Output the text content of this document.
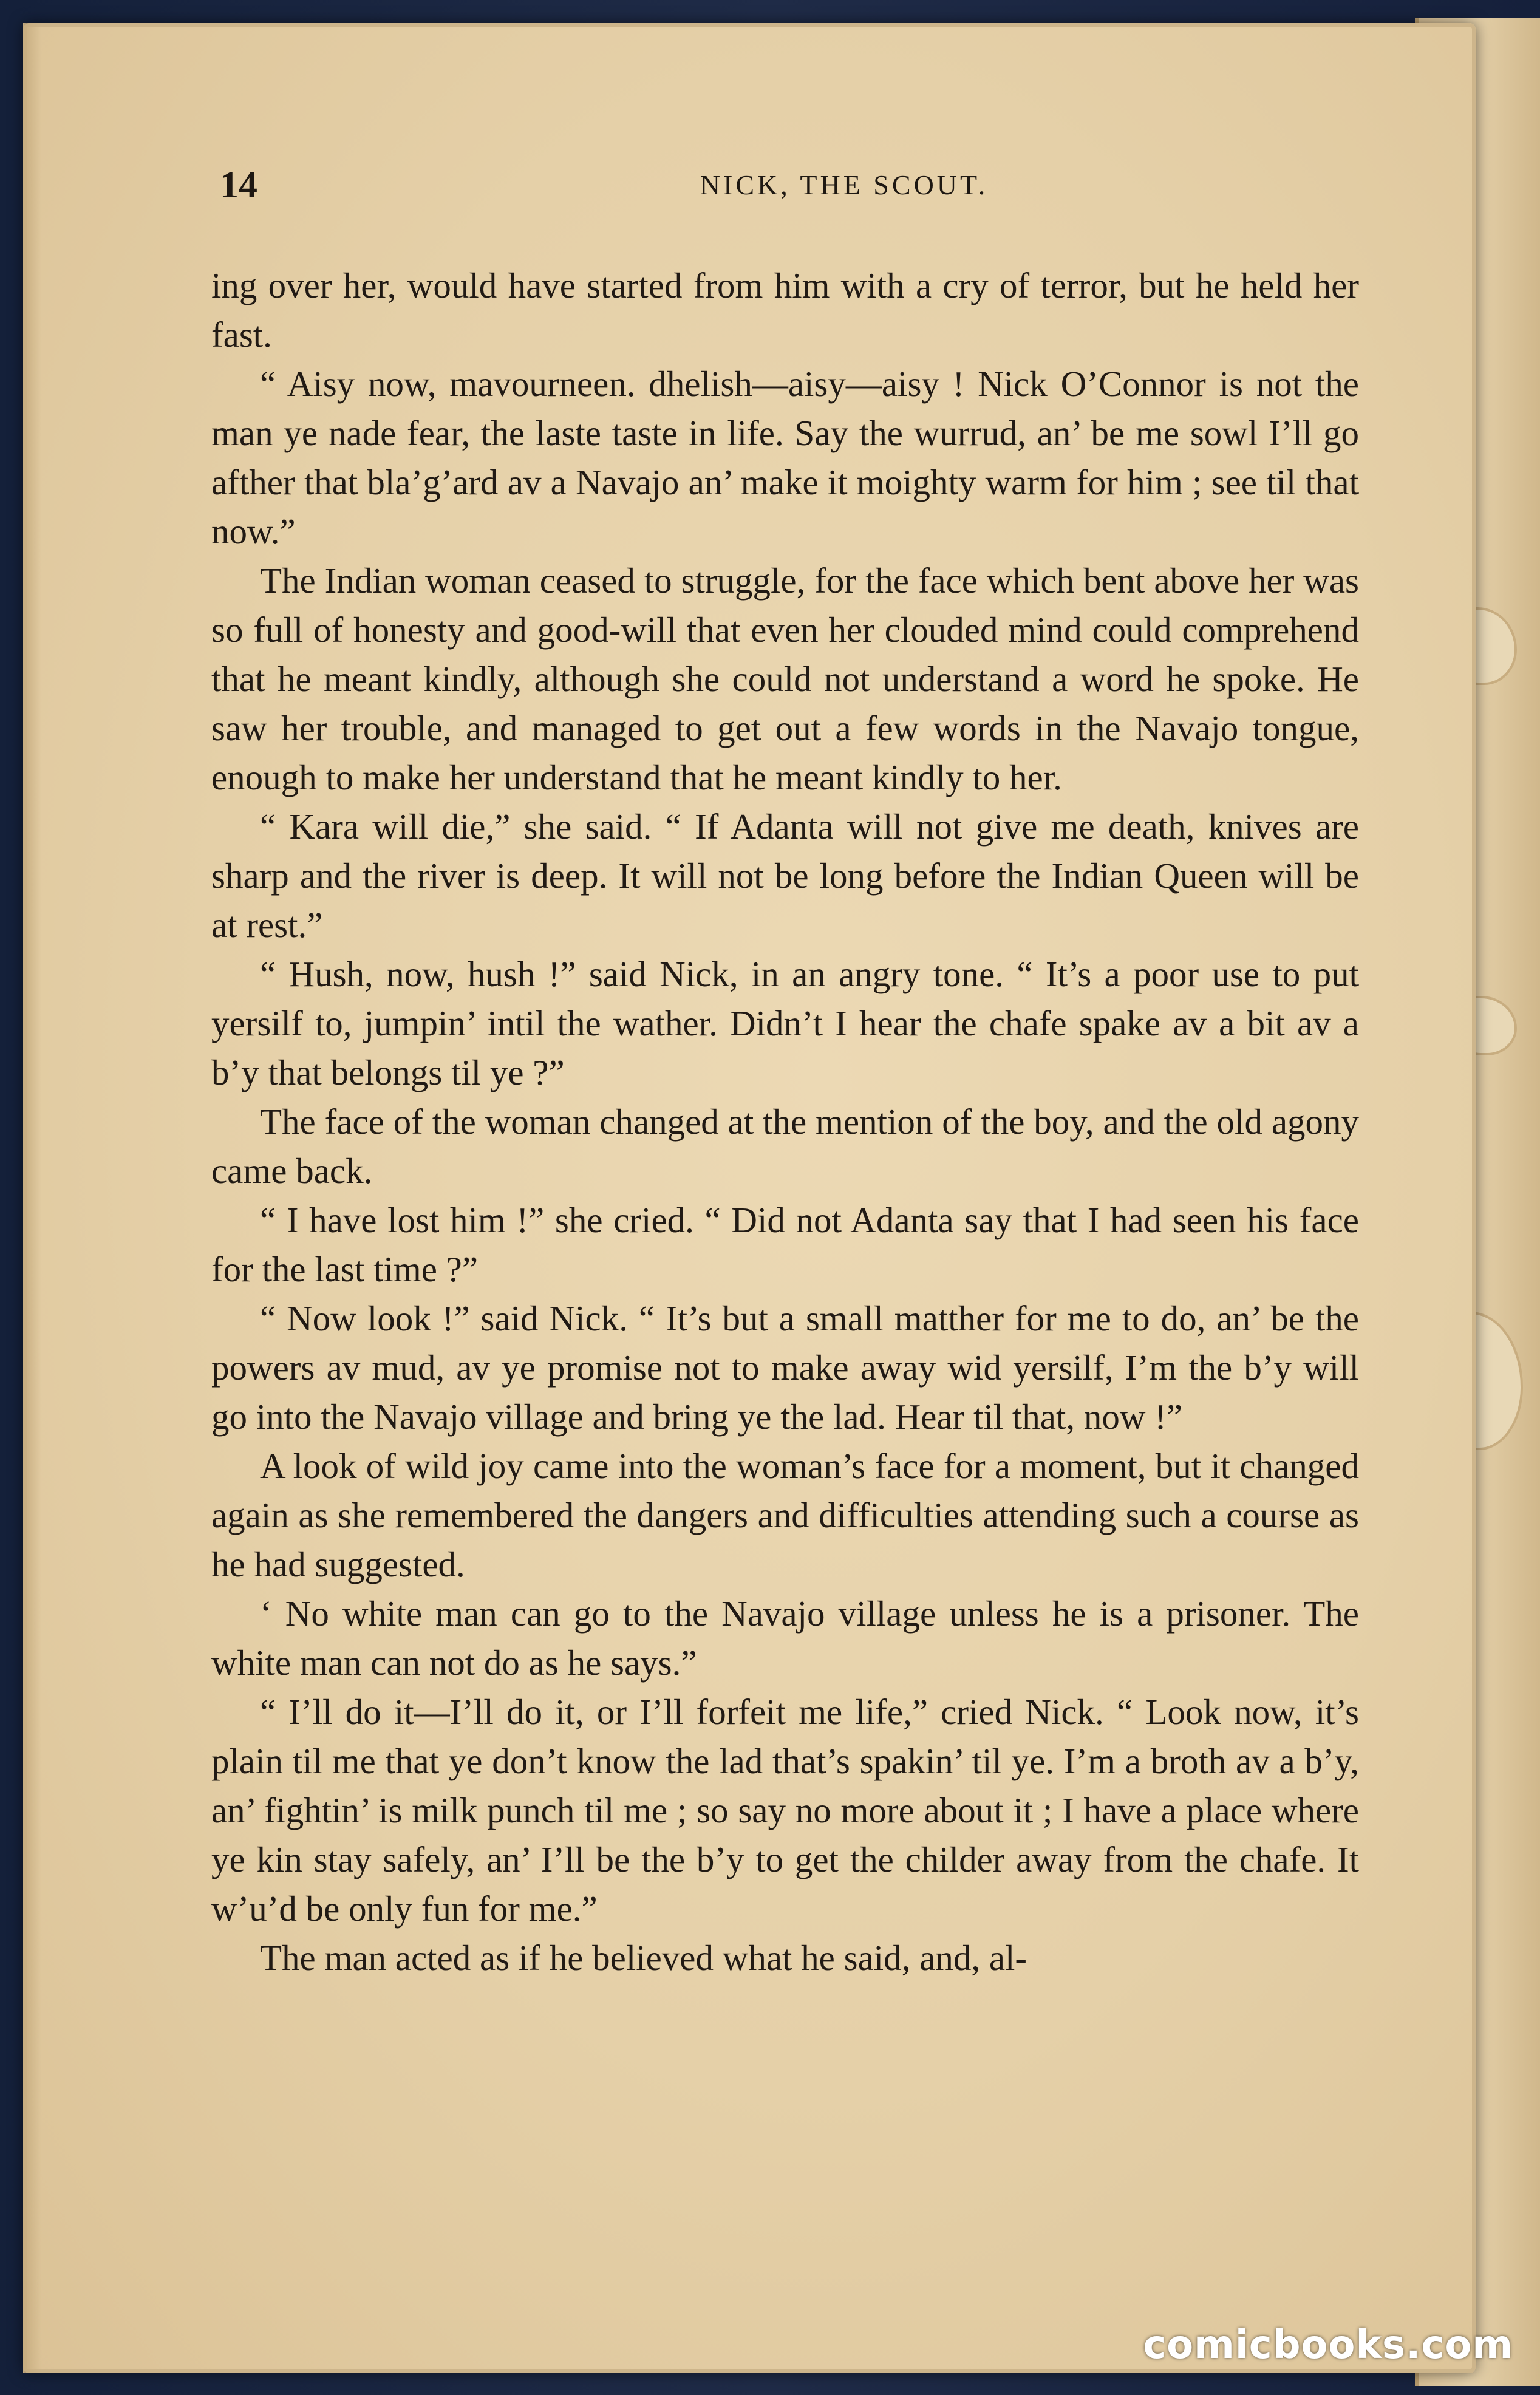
14	NICK, THE SCOUT.

ing over her, would have started from him with a cry of terror, but he held her fast.

“ Aisy now, mavourneen. dhelish—aisy—aisy ! Nick O’Connor is not the man ye nade fear, the laste taste in life. Say the wurrud, an’ be me sowl I’ll go afther that bla’g’ard av a Navajo an’ make it moighty warm for him ; see til that now.”

The Indian woman ceased to struggle, for the face which bent above her was so full of honesty and good-will that even her clouded mind could comprehend that he meant kindly, although she could not understand a word he spoke. He saw her trouble, and managed to get out a few words in the Navajo tongue, enough to make her understand that he meant kindly to her.

“ Kara will die,” she said. “ If Adanta will not give me death, knives are sharp and the river is deep. It will not be long before the Indian Queen will be at rest.”

“ Hush, now, hush !” said Nick, in an angry tone. “ It’s a poor use to put yersilf to, jumpin’ intil the wather. Didn’t I hear the chafe spake av a bit av a b’y that belongs til ye ?”

The face of the woman changed at the mention of the boy, and the old agony came back.

“ I have lost him !” she cried. “ Did not Adanta say that I had seen his face for the last time ?”

“ Now look !” said Nick. “ It’s but a small matther for me to do, an’ be the powers av mud, av ye promise not to make away wid yersilf, I’m the b’y will go into the Navajo village and bring ye the lad. Hear til that, now !”

A look of wild joy came into the woman’s face for a moment, but it changed again as she remembered the dangers and difficulties attending such a course as he had suggested.

‘ No white man can go to the Navajo village unless he is a prisoner. The white man can not do as he says.”

“ I’ll do it—I’ll do it, or I’ll forfeit me life,” cried Nick. “ Look now, it’s plain til me that ye don’t know the lad that’s spakin’ til ye. I’m a broth av a b’y, an’ fightin’ is milk punch til me ; so say no more about it ; I have a place where ye kin stay safely, an’ I’ll be the b’y to get the childer away from the chafe. It w’u’d be only fun for me.”

The man acted as if he believed what he said, and, al-

comicbooks.com
